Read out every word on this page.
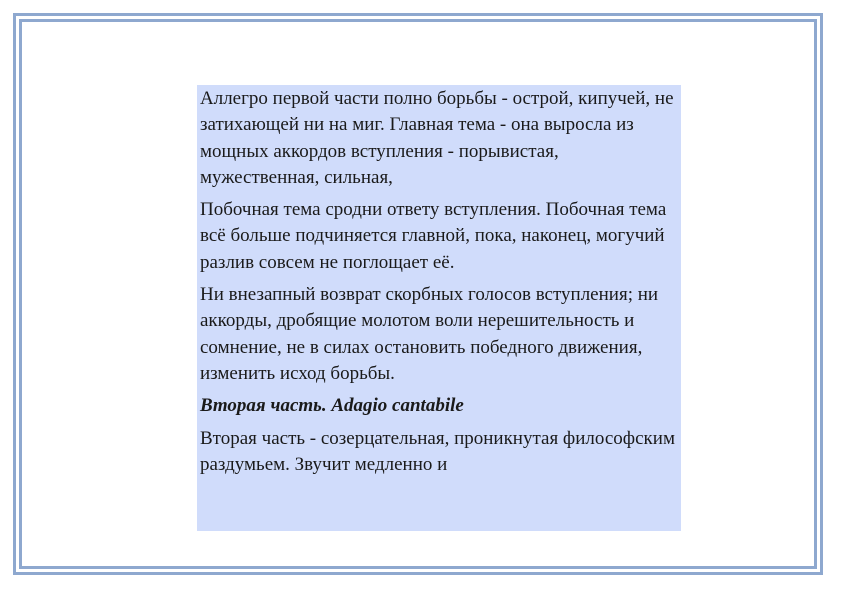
Аллегро первой части полно борьбы - острой, кипучей, не затихающей ни на миг. Главная тема - она выросла из мощных аккордов вступления - порывистая, мужественная, сильная,

Побочная тема сродни ответу вступления. Побочная тема всё больше подчиняется главной, пока, наконец, могучий разлив совсем не поглощает её.

Ни внезапный возврат скорбных голосов вступления; ни аккорды, дробящие молотом воли нерешительность и сомнение, не в силах остановить победного движения, изменить исход борьбы.

Вторая часть. Adagio cantabile

Вторая часть - созерцательная, проникнутая философским раздумьем. Звучит медленно и
